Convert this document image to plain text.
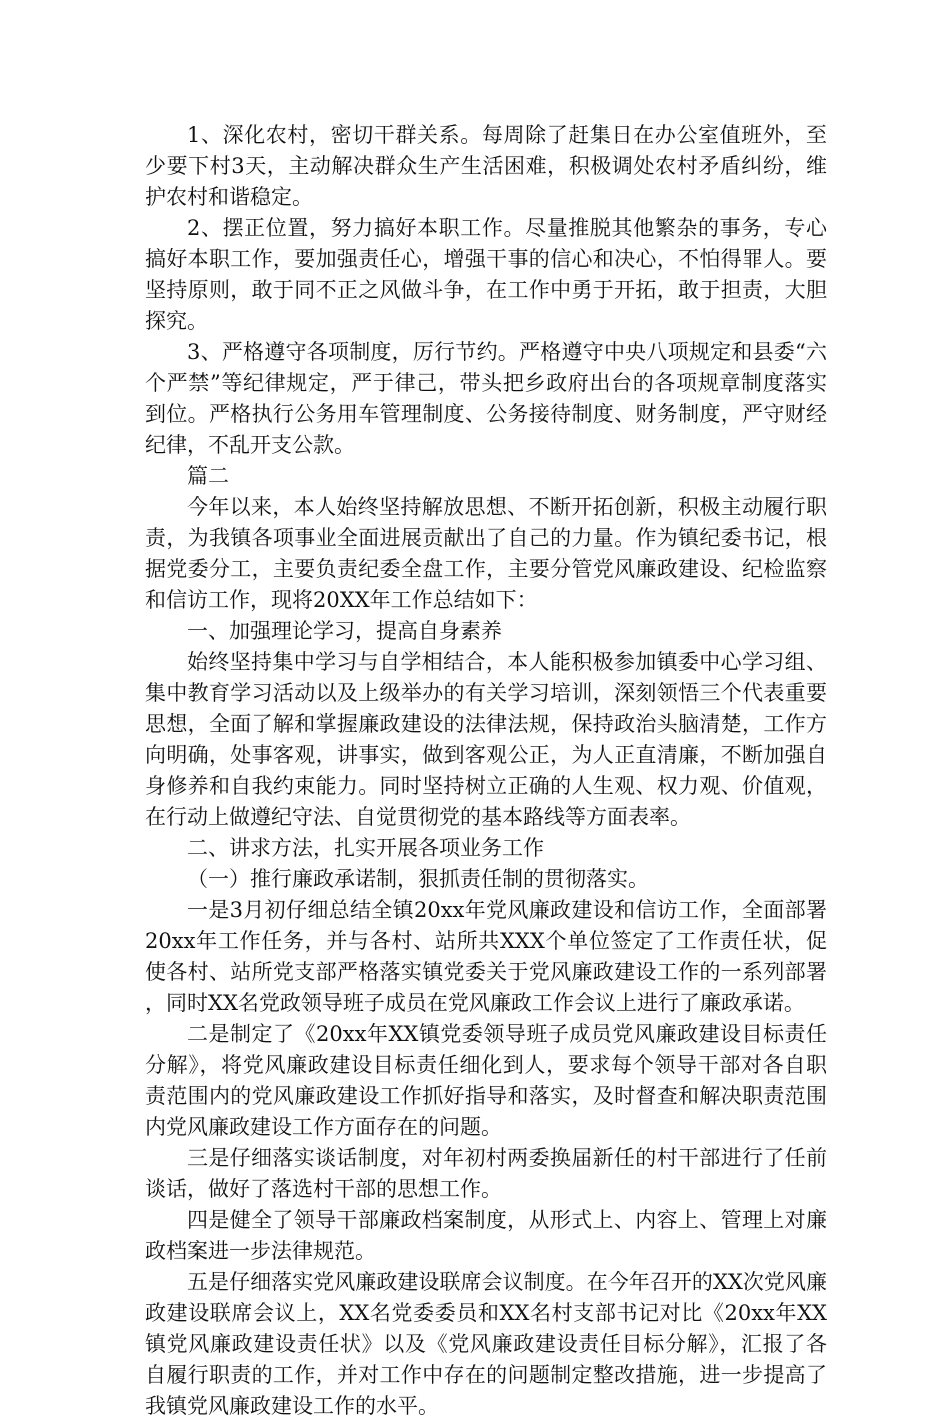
1、深化农村，密切干群关系。每周除了赶集日在办公室值班外，至少要下村3天，主动解决群众生产生活困难，积极调处农村矛盾纠纷，维护农村和谐稳定。

2、摆正位置，努力搞好本职工作。尽量推脱其他繁杂的事务，专心搞好本职工作，要加强责任心，增强干事的信心和决心，不怕得罪人。要坚持原则，敢于同不正之风做斗争，在工作中勇于开拓，敢于担责，大胆探究。

3、严格遵守各项制度，厉行节约。严格遵守中央八项规定和县委“六个严禁”等纪律规定，严于律己，带头把乡政府出台的各项规章制度落实到位。严格执行公务用车管理制度、公务接待制度、财务制度，严守财经纪律，不乱开支公款。

篇二

今年以来，本人始终坚持解放思想、不断开拓创新，积极主动履行职责，为我镇各项事业全面进展贡献出了自己的力量。作为镇纪委书记，根据党委分工，主要负责纪委全盘工作，主要分管党风廉政建设、纪检监察和信访工作，现将20XX年工作总结如下：

一、加强理论学习，提高自身素养

始终坚持集中学习与自学相结合，本人能积极参加镇委中心学习组、集中教育学习活动以及上级举办的有关学习培训，深刻领悟三个代表重要思想，全面了解和掌握廉政建设的法律法规，保持政治头脑清楚，工作方向明确，处事客观，讲事实，做到客观公正，为人正直清廉，不断加强自身修养和自我约束能力。同时坚持树立正确的人生观、权力观、价值观，在行动上做遵纪守法、自觉贯彻党的基本路线等方面表率。

二、讲求方法，扎实开展各项业务工作

（一）推行廉政承诺制，狠抓责任制的贯彻落实。

一是3月初仔细总结全镇20xx年党风廉政建设和信访工作，全面部署20xx年工作任务，并与各村、站所共XXX个单位签定了工作责任状，促使各村、站所党支部严格落实镇党委关于党风廉政建设工作的一系列部署，同时XX名党政领导班子成员在党风廉政工作会议上进行了廉政承诺。

二是制定了《20xx年XX镇党委领导班子成员党风廉政建设目标责任分解》，将党风廉政建设目标责任细化到人，要求每个领导干部对各自职责范围内的党风廉政建设工作抓好指导和落实，及时督查和解决职责范围内党风廉政建设工作方面存在的问题。

三是仔细落实谈话制度，对年初村两委换届新任的村干部进行了任前谈话，做好了落选村干部的思想工作。

四是健全了领导干部廉政档案制度，从形式上、内容上、管理上对廉政档案进一步法律规范。

五是仔细落实党风廉政建设联席会议制度。在今年召开的XX次党风廉政建设联席会议上，XX名党委委员和XX名村支部书记对比《20xx年XX镇党风廉政建设责任状》以及《党风廉政建设责任目标分解》，汇报了各自履行职责的工作，并对工作中存在的问题制定整改措施，进一步提高了我镇党风廉政建设工作的水平。
